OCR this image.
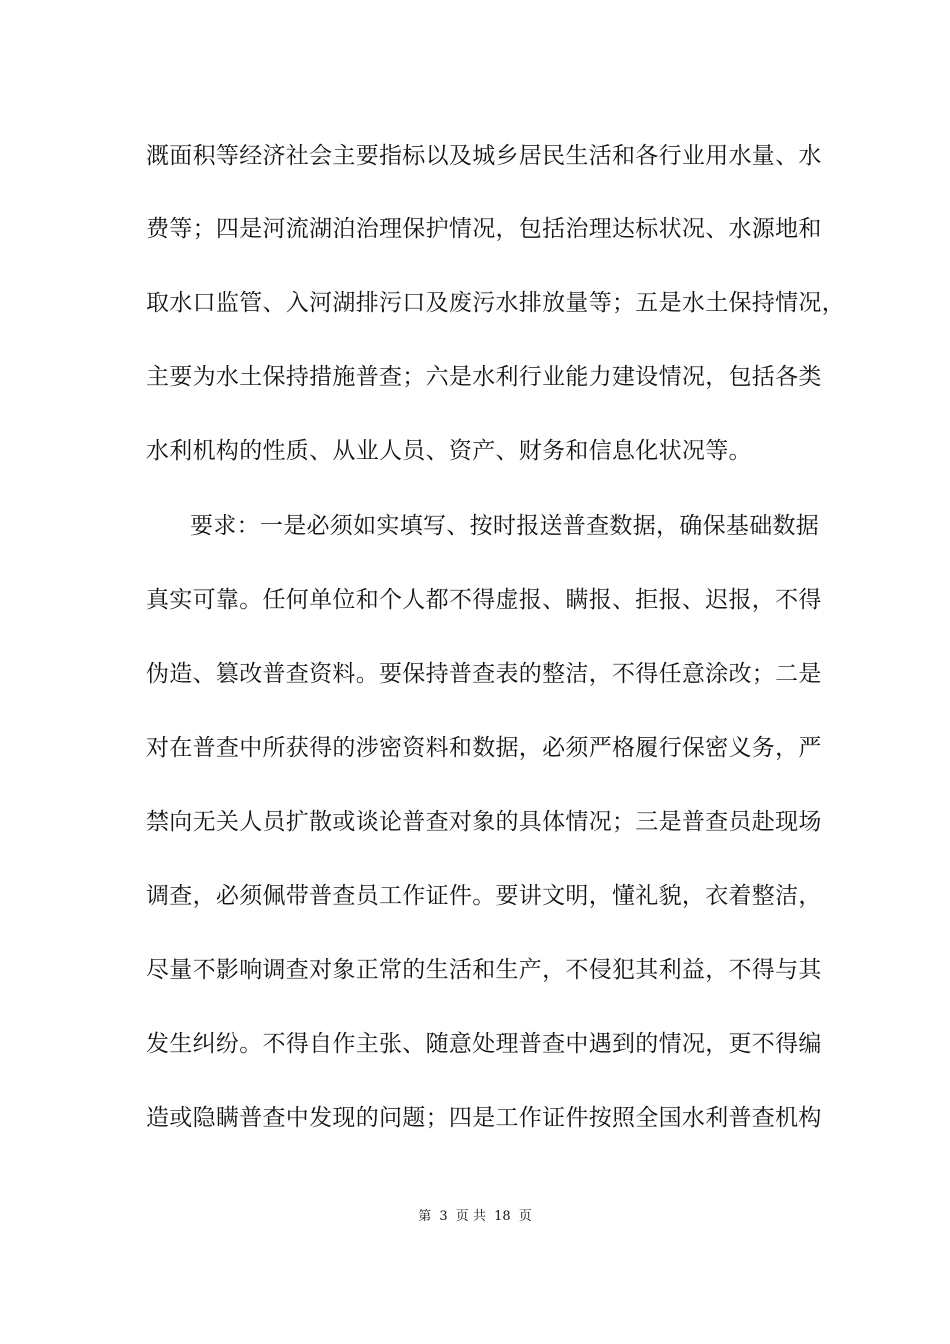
溉面积等经济社会主要指标以及城乡居民生活和各行业用水量、水
费等；四是河流湖泊治理保护情况，包括治理达标状况、水源地和
取水口监管、入河湖排污口及废污水排放量等；五是水土保持情况，
主要为水土保持措施普查；六是水利行业能力建设情况，包括各类
水利机构的性质、从业人员、资产、财务和信息化状况等。
要求：一是必须如实填写、按时报送普查数据，确保基础数据
真实可靠。任何单位和个人都不得虚报、瞒报、拒报、迟报，不得
伪造、篡改普查资料。要保持普查表的整洁，不得任意涂改；二是
对在普查中所获得的涉密资料和数据，必须严格履行保密义务，严
禁向无关人员扩散或谈论普查对象的具体情况；三是普查员赴现场
调查，必须佩带普查员工作证件。要讲文明，懂礼貌，衣着整洁，
尽量不影响调查对象正常的生活和生产，不侵犯其利益，不得与其
发生纠纷。不得自作主张、随意处理普查中遇到的情况，更不得编
造或隐瞒普查中发现的问题；四是工作证件按照全国水利普查机构
第 3 页 共 18 页
